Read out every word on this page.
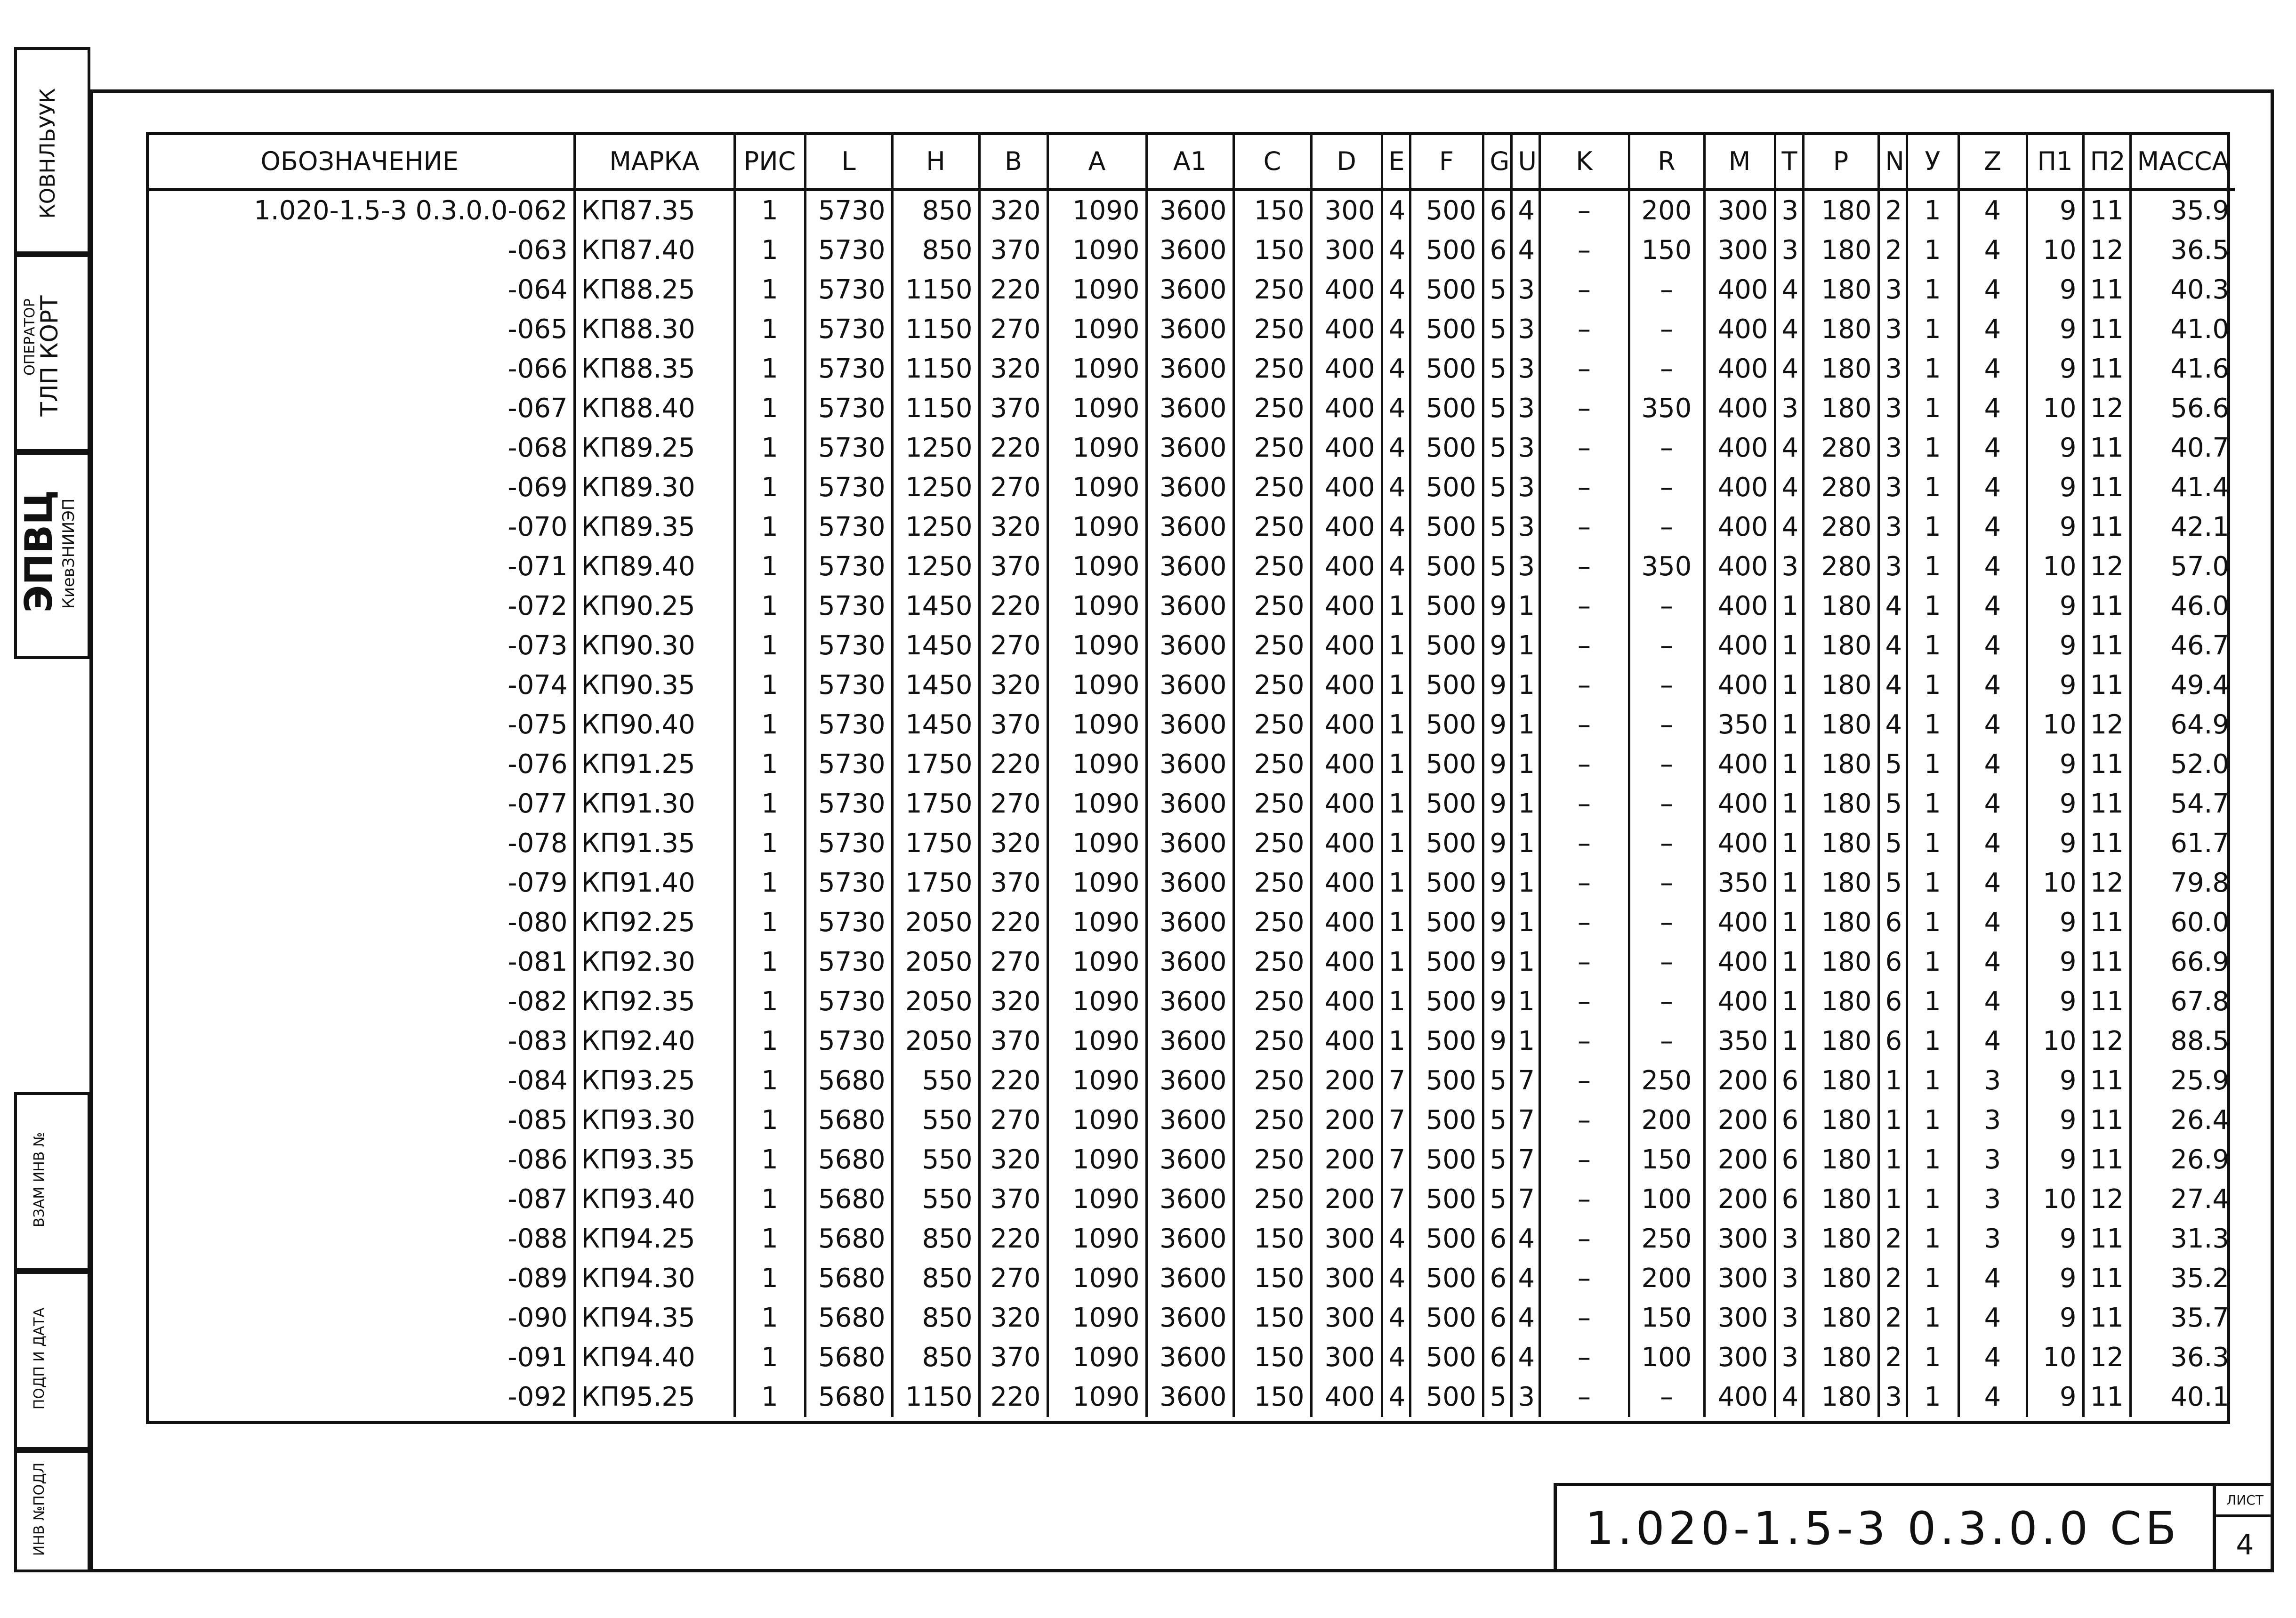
КОВНЛЬУУК
ОПЕРАТОР
ТЛП КОРТ
ЭПВЦ
КиевЗНИИЭП
ВЗАМ ИНВ №
ПОДП И ДАТА
ИНВ №ПОДЛ
ОБОЗНАЧЕНИЕ	МАРКА	РИС	L	H	B	A	A1	C	D	E	F	G	U	K	R	M	T	P	N	У	Z	П1	П2	МАССА
1.020-1.5-3 0.3.0.0-062	КП87.35	1	5730	850	320	1090	3600	150	300	4	500	6	4	–	200	300	3	180	2	1	4	9	11	35.9
-063	КП87.40	1	5730	850	370	1090	3600	150	300	4	500	6	4	–	150	300	3	180	2	1	4	10	12	36.5
-064	КП88.25	1	5730	1150	220	1090	3600	250	400	4	500	5	3	–	–	400	4	180	3	1	4	9	11	40.3
-065	КП88.30	1	5730	1150	270	1090	3600	250	400	4	500	5	3	–	–	400	4	180	3	1	4	9	11	41.0
-066	КП88.35	1	5730	1150	320	1090	3600	250	400	4	500	5	3	–	–	400	4	180	3	1	4	9	11	41.6
-067	КП88.40	1	5730	1150	370	1090	3600	250	400	4	500	5	3	–	350	400	3	180	3	1	4	10	12	56.6
-068	КП89.25	1	5730	1250	220	1090	3600	250	400	4	500	5	3	–	–	400	4	280	3	1	4	9	11	40.7
-069	КП89.30	1	5730	1250	270	1090	3600	250	400	4	500	5	3	–	–	400	4	280	3	1	4	9	11	41.4
-070	КП89.35	1	5730	1250	320	1090	3600	250	400	4	500	5	3	–	–	400	4	280	3	1	4	9	11	42.1
-071	КП89.40	1	5730	1250	370	1090	3600	250	400	4	500	5	3	–	350	400	3	280	3	1	4	10	12	57.0
-072	КП90.25	1	5730	1450	220	1090	3600	250	400	1	500	9	1	–	–	400	1	180	4	1	4	9	11	46.0
-073	КП90.30	1	5730	1450	270	1090	3600	250	400	1	500	9	1	–	–	400	1	180	4	1	4	9	11	46.7
-074	КП90.35	1	5730	1450	320	1090	3600	250	400	1	500	9	1	–	–	400	1	180	4	1	4	9	11	49.4
-075	КП90.40	1	5730	1450	370	1090	3600	250	400	1	500	9	1	–	–	350	1	180	4	1	4	10	12	64.9
-076	КП91.25	1	5730	1750	220	1090	3600	250	400	1	500	9	1	–	–	400	1	180	5	1	4	9	11	52.0
-077	КП91.30	1	5730	1750	270	1090	3600	250	400	1	500	9	1	–	–	400	1	180	5	1	4	9	11	54.7
-078	КП91.35	1	5730	1750	320	1090	3600	250	400	1	500	9	1	–	–	400	1	180	5	1	4	9	11	61.7
-079	КП91.40	1	5730	1750	370	1090	3600	250	400	1	500	9	1	–	–	350	1	180	5	1	4	10	12	79.8
-080	КП92.25	1	5730	2050	220	1090	3600	250	400	1	500	9	1	–	–	400	1	180	6	1	4	9	11	60.0
-081	КП92.30	1	5730	2050	270	1090	3600	250	400	1	500	9	1	–	–	400	1	180	6	1	4	9	11	66.9
-082	КП92.35	1	5730	2050	320	1090	3600	250	400	1	500	9	1	–	–	400	1	180	6	1	4	9	11	67.8
-083	КП92.40	1	5730	2050	370	1090	3600	250	400	1	500	9	1	–	–	350	1	180	6	1	4	10	12	88.5
-084	КП93.25	1	5680	550	220	1090	3600	250	200	7	500	5	7	–	250	200	6	180	1	1	3	9	11	25.9
-085	КП93.30	1	5680	550	270	1090	3600	250	200	7	500	5	7	–	200	200	6	180	1	1	3	9	11	26.4
-086	КП93.35	1	5680	550	320	1090	3600	250	200	7	500	5	7	–	150	200	6	180	1	1	3	9	11	26.9
-087	КП93.40	1	5680	550	370	1090	3600	250	200	7	500	5	7	–	100	200	6	180	1	1	3	10	12	27.4
-088	КП94.25	1	5680	850	220	1090	3600	150	300	4	500	6	4	–	250	300	3	180	2	1	3	9	11	31.3
-089	КП94.30	1	5680	850	270	1090	3600	150	300	4	500	6	4	–	200	300	3	180	2	1	4	9	11	35.2
-090	КП94.35	1	5680	850	320	1090	3600	150	300	4	500	6	4	–	150	300	3	180	2	1	4	9	11	35.7
-091	КП94.40	1	5680	850	370	1090	3600	150	300	4	500	6	4	–	100	300	3	180	2	1	4	10	12	36.3
-092	КП95.25	1	5680	1150	220	1090	3600	150	400	4	500	5	3	–	–	400	4	180	3	1	4	9	11	40.1
1.020-1.5-3 0.3.0.0 СБ
ЛИСТ
4
